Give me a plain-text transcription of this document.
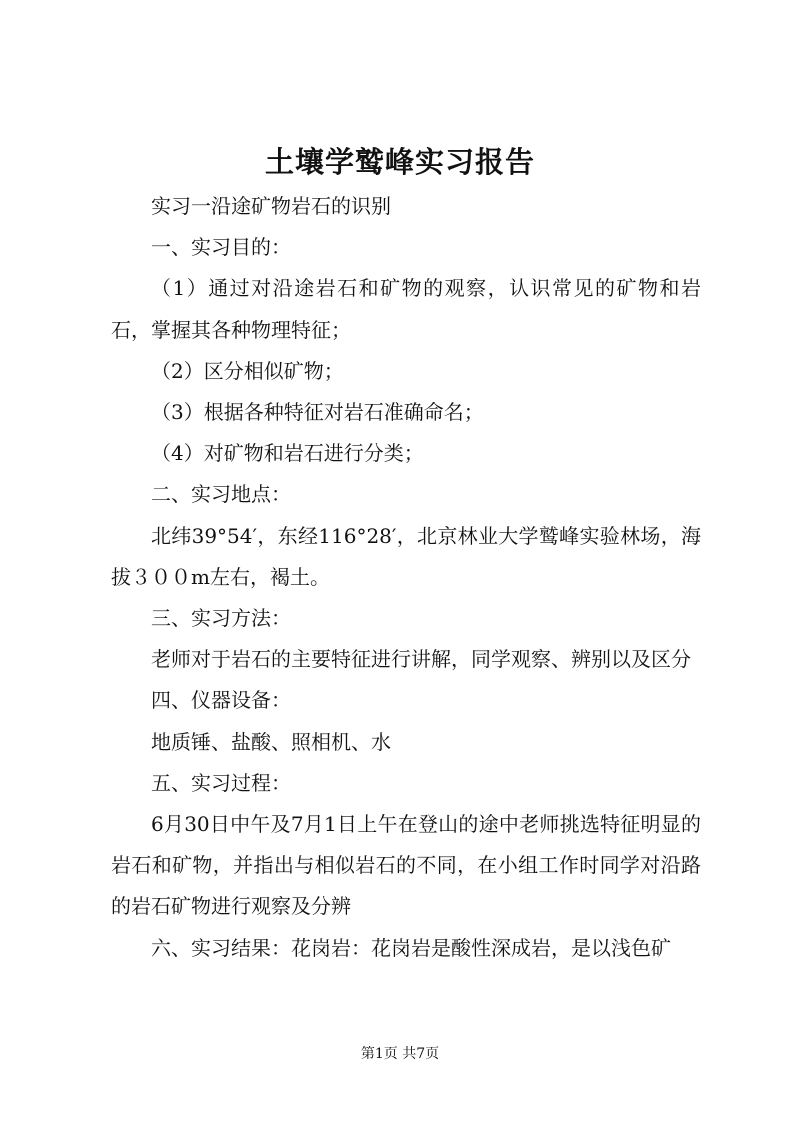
土壤学鹫峰实习报告

实习一沿途矿物岩石的识别

一、实习目的：

（1）通过对沿途岩石和矿物的观察，认识常见的矿物和岩石，掌握其各种物理特征；

（2）区分相似矿物；

（3）根据各种特征对岩石准确命名；

（4）对矿物和岩石进行分类；

二、实习地点：

北纬39°54′，东经116°28′，北京林业大学鹫峰实验林场，海拔３００m左右，褐土。

三、实习方法：

老师对于岩石的主要特征进行讲解，同学观察、辨别以及区分

四、仪器设备：

地质锤、盐酸、照相机、水

五、实习过程：

6月30日中午及7月1日上午在登山的途中老师挑选特征明显的岩石和矿物，并指出与相似岩石的不同，在小组工作时同学对沿路的岩石矿物进行观察及分辨

六、实习结果：花岗岩：花岗岩是酸性深成岩，是以浅色矿

第1页 共7页
